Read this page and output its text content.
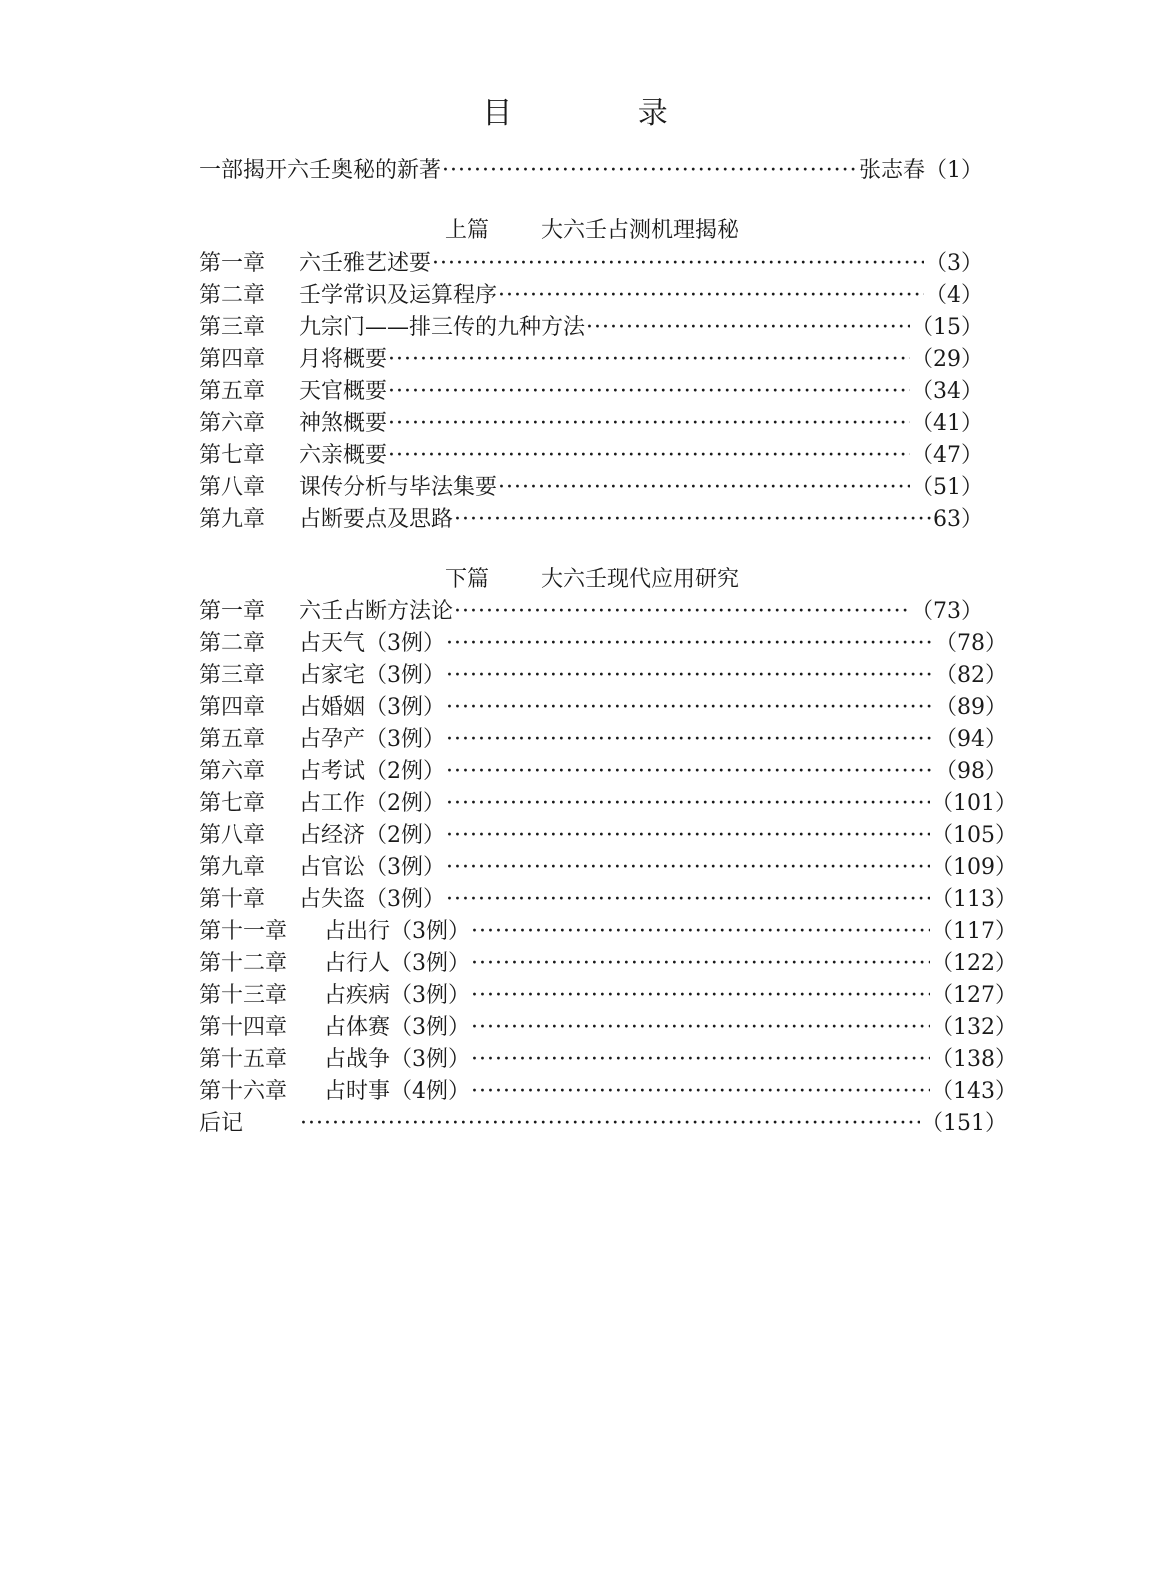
目 录
一部揭开六壬奥秘的新著 ·····	张志春（1）
上篇 大六壬占测机理揭秘
第一章	六壬雅艺述要 ·····	（3）
第二章	壬学常识及运算程序 ·····	（4）
第三章	九宗门——排三传的九种方法 ·····	（15）
第四章	月将概要 ·····	（29）
第五章	天官概要 ·····	（34）
第六章	神煞概要 ·····	（41）
第七章	六亲概要 ·····	（47）
第八章	课传分析与毕法集要 ·····	（51）
第九章	占断要点及思路 ·····	63）
下篇 大六壬现代应用研究
第一章	六壬占断方法论 ·····	（73）
第二章	占天气（3例） ·····	（78）
第三章	占家宅（3例） ·····	（82）
第四章	占婚姻（3例） ·····	（89）
第五章	占孕产（3例） ·····	（94）
第六章	占考试（2例） ·····	（98）
第七章	占工作（2例） ·····	（101）
第八章	占经济（2例） ·····	（105）
第九章	占官讼（3例） ·····	（109）
第十章	占失盗（3例） ·····	（113）
第十一章	占出行（3例） ·····	（117）
第十二章	占行人（3例） ·····	（122）
第十三章	占疾病（3例） ·····	（127）
第十四章	占体赛（3例） ·····	（132）
第十五章	占战争（3例） ·····	（138）
第十六章	占时事（4例） ·····	（143）
后记 ·····	（151）
